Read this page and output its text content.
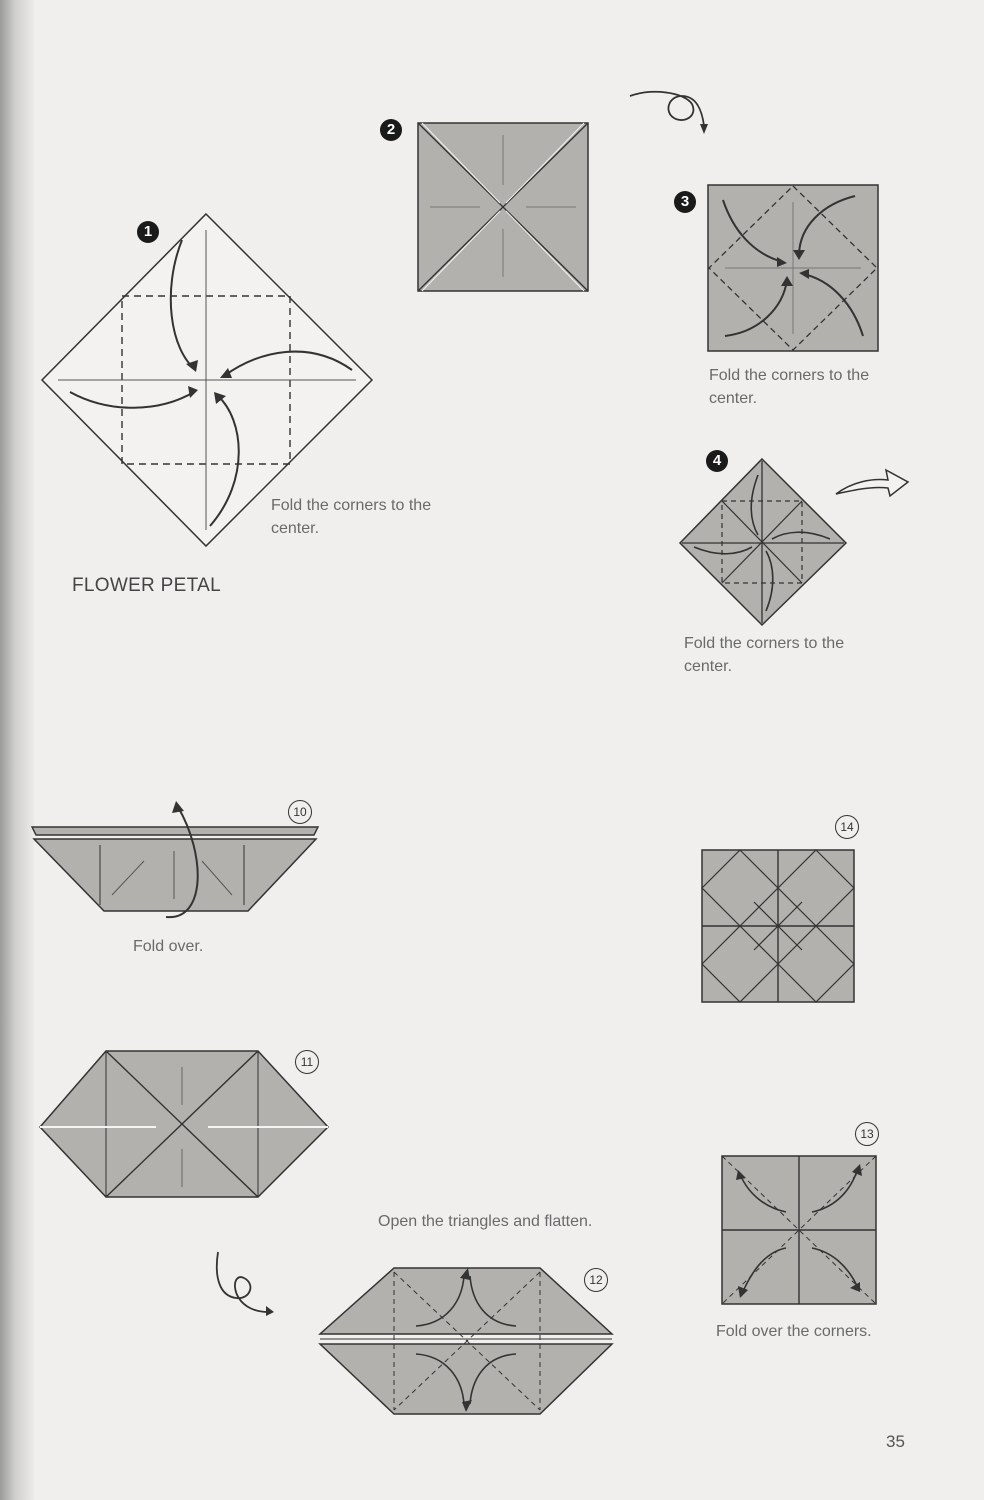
FLOWER PETAL
1
Fold the corners to the center.
2
3
Fold the corners to the center.
4
Fold the corners to the center.
10
Fold over.
11
Open the triangles and flatten.
12
14
13
Fold over the corners.
35
